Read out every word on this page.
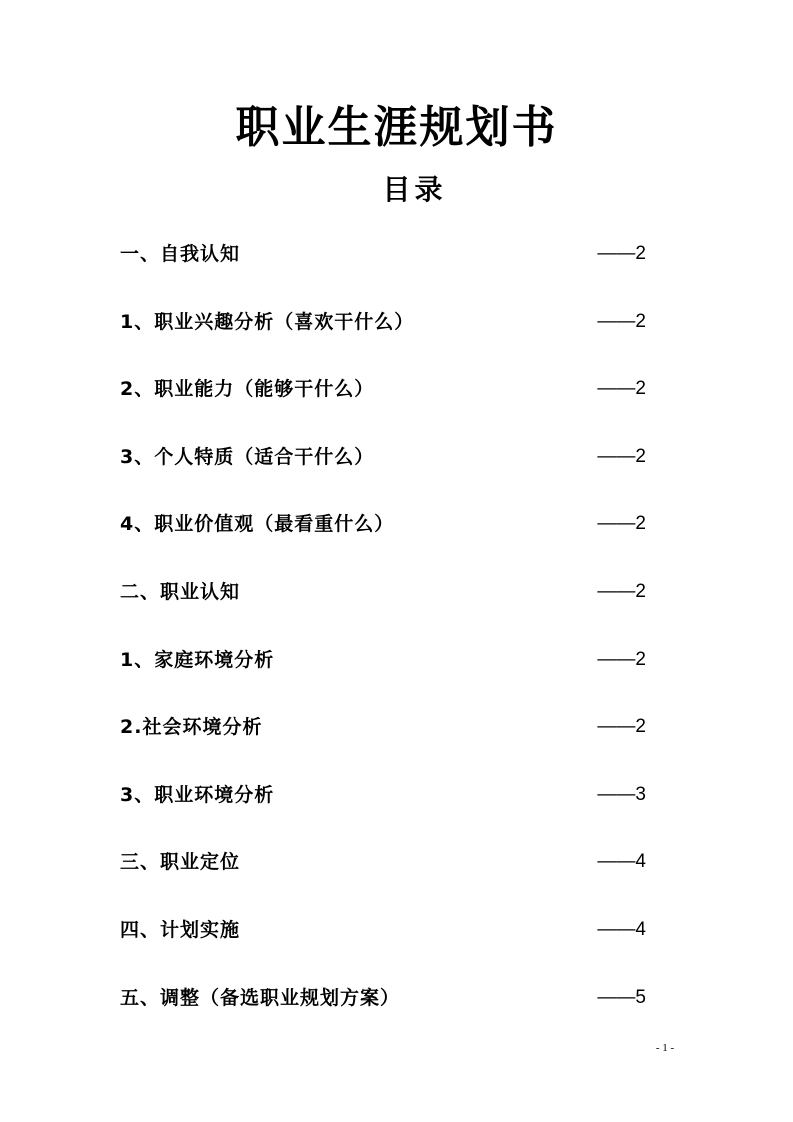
职业生涯规划书
目录
一、自我认知	——2
1、职业兴趣分析（喜欢干什么）	——2
2、职业能力（能够干什么）	——2
3、个人特质（适合干什么）	——2
4、职业价值观（最看重什么）	——2
二、职业认知	——2
1、家庭环境分析	——2
2.社会环境分析	——2
3、职业环境分析	——3
三、职业定位	——4
四、计划实施	——4
五、调整（备选职业规划方案）	——5
- 1 -
